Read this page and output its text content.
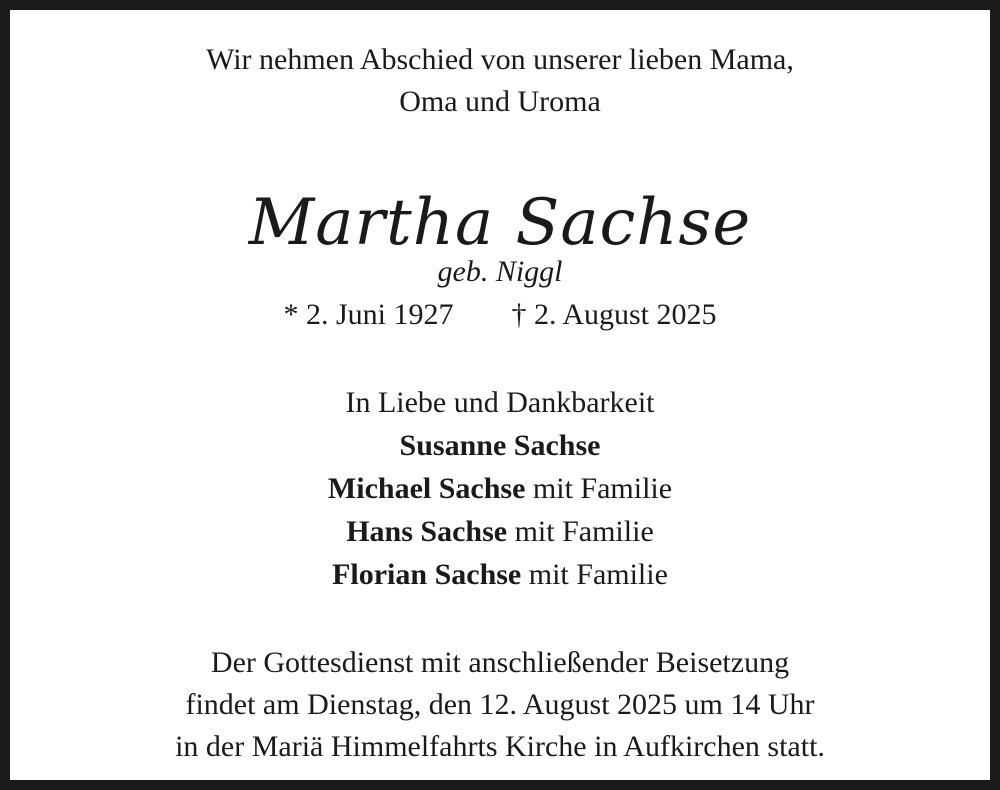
Wir nehmen Abschied von unserer lieben Mama,
Oma und Uroma
Martha Sachse
geb. Niggl
* 2. Juni 1927 † 2. August 2025
In Liebe und Dankbarkeit
Susanne Sachse
Michael Sachse mit Familie
Hans Sachse mit Familie
Florian Sachse mit Familie
Der Gottesdienst mit anschließender Beisetzung
findet am Dienstag, den 12. August 2025 um 14 Uhr
in der Mariä Himmelfahrts Kirche in Aufkirchen statt.
